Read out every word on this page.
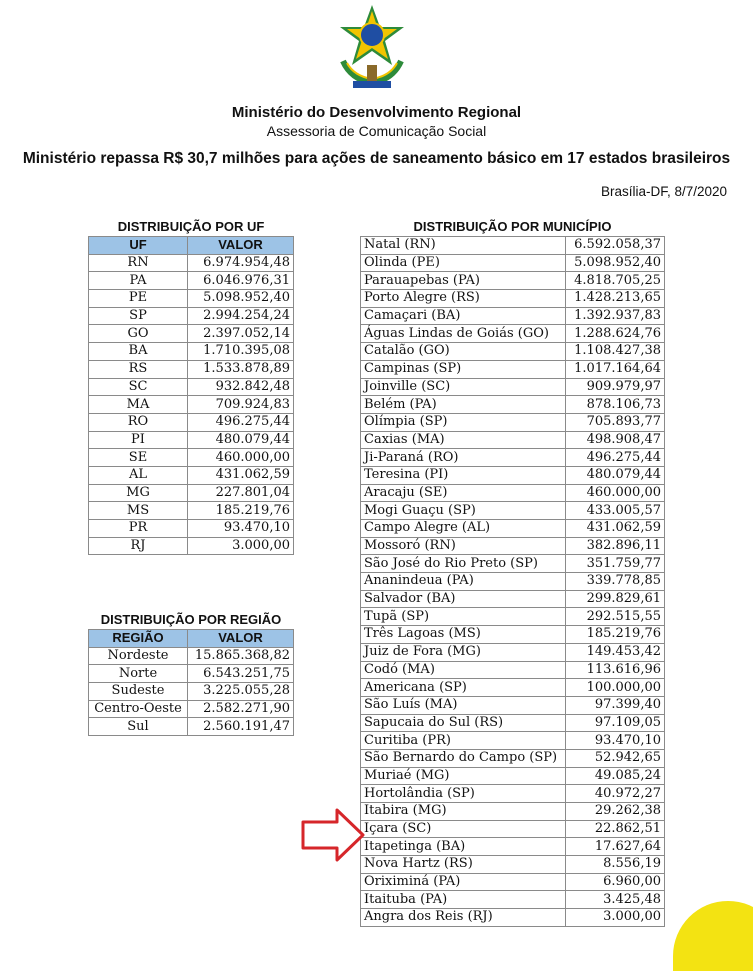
Ministério do Desenvolvimento Regional
Assessoria de Comunicação Social
Ministério repassa R$ 30,7 milhões para ações de saneamento básico em 17 estados brasileiros
Brasília-DF, 8/7/2020
DISTRIBUIÇÃO POR UF
UF	VALOR
RN	6.974.954,48
PA	6.046.976,31
PE	5.098.952,40
SP	2.994.254,24
GO	2.397.052,14
BA	1.710.395,08
RS	1.533.878,89
SC	932.842,48
MA	709.924,83
RO	496.275,44
PI	480.079,44
SE	460.000,00
AL	431.062,59
MG	227.801,04
MS	185.219,76
PR	93.470,10
RJ	3.000,00
DISTRIBUIÇÃO POR REGIÃO
REGIÃO	VALOR
Nordeste	15.865.368,82
Norte	6.543.251,75
Sudeste	3.225.055,28
Centro-Oeste	2.582.271,90
Sul	2.560.191,47
DISTRIBUIÇÃO POR MUNICÍPIO
Natal (RN)	6.592.058,37
Olinda (PE)	5.098.952,40
Parauapebas (PA)	4.818.705,25
Porto Alegre (RS)	1.428.213,65
Camaçari (BA)	1.392.937,83
Águas Lindas de Goiás (GO)	1.288.624,76
Catalão (GO)	1.108.427,38
Campinas (SP)	1.017.164,64
Joinville (SC)	909.979,97
Belém (PA)	878.106,73
Olímpia (SP)	705.893,77
Caxias (MA)	498.908,47
Ji-Paraná (RO)	496.275,44
Teresina (PI)	480.079,44
Aracaju (SE)	460.000,00
Mogi Guaçu (SP)	433.005,57
Campo Alegre (AL)	431.062,59
Mossoró (RN)	382.896,11
São José do Rio Preto (SP)	351.759,77
Ananindeua (PA)	339.778,85
Salvador (BA)	299.829,61
Tupã (SP)	292.515,55
Três Lagoas (MS)	185.219,76
Juiz de Fora (MG)	149.453,42
Codó (MA)	113.616,96
Americana (SP)	100.000,00
São Luís (MA)	97.399,40
Sapucaia do Sul (RS)	97.109,05
Curitiba (PR)	93.470,10
São Bernardo do Campo (SP)	52.942,65
Muriaé (MG)	49.085,24
Hortolândia (SP)	40.972,27
Itabira (MG)	29.262,38
Içara (SC)	22.862,51
Itapetinga (BA)	17.627,64
Nova Hartz (RS)	8.556,19
Oriximiná (PA)	6.960,00
Itaituba (PA)	3.425,48
Angra dos Reis (RJ)	3.000,00
